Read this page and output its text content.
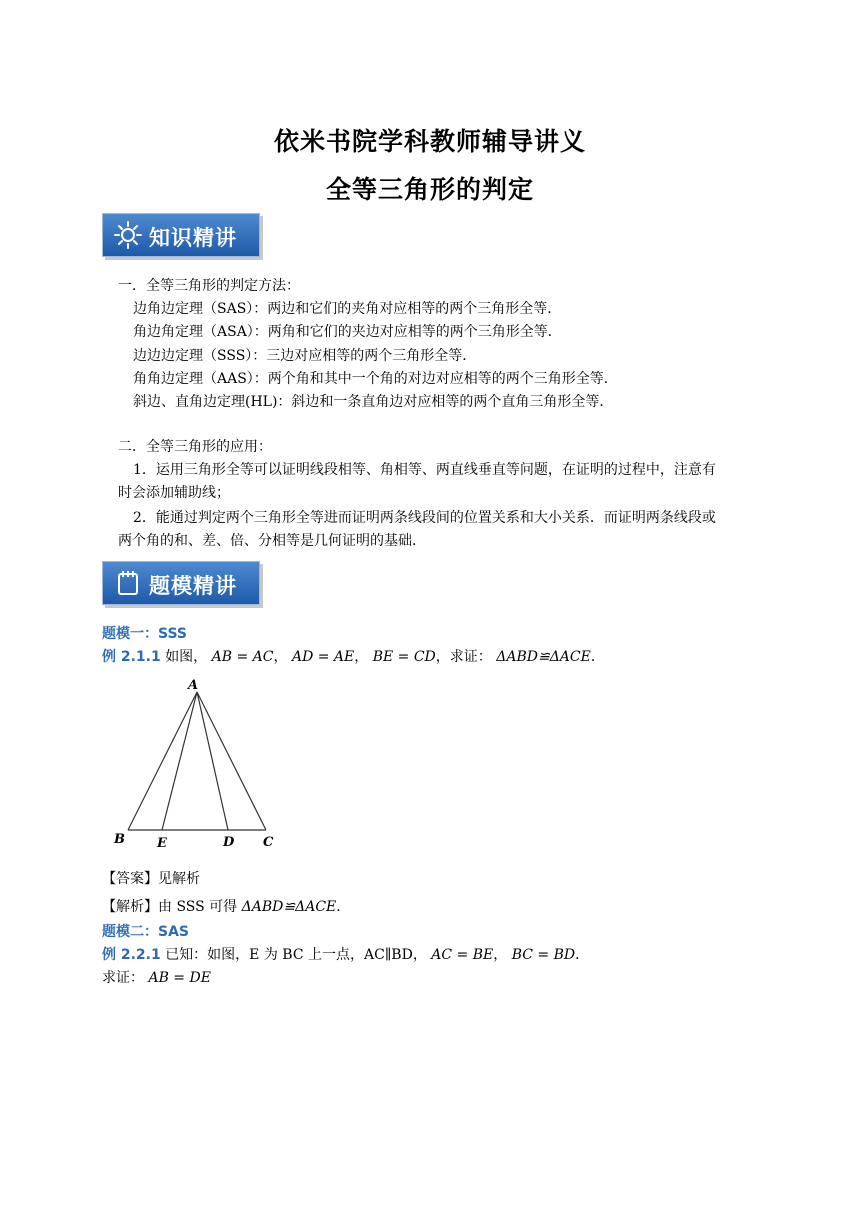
依米书院学科教师辅导讲义
全等三角形的判定
知识精讲
一．全等三角形的判定方法：
边角边定理（SAS）：两边和它们的夹角对应相等的两个三角形全等．
角边角定理（ASA）：两角和它们的夹边对应相等的两个三角形全等．
边边边定理（SSS）：三边对应相等的两个三角形全等．
角角边定理（AAS）：两个角和其中一个角的对边对应相等的两个三角形全等．
斜边、直角边定理(HL)：斜边和一条直角边对应相等的两个直角三角形全等．
二．全等三角形的应用：
1．运用三角形全等可以证明线段相等、角相等、两直线垂直等问题，在证明的过程中，注意有
时会添加辅助线；
2．能通过判定两个三角形全等进而证明两条线段间的位置关系和大小关系．而证明两条线段或
两个角的和、差、倍、分相等是几何证明的基础．
题模精讲
题模一：SSS
例 2.1.1 如图， AB = AC， AD = AE， BE = CD，求证： ΔABD≌ΔACE．
A
B E	D C
【答案】见解析
【解析】由 SSS 可得 ΔABD≌ΔACE．
题模二：SAS
例 2.2.1 已知：如图，E 为 BC 上一点，AC∥BD， AC = BE， BC = BD．
求证： AB = DE
